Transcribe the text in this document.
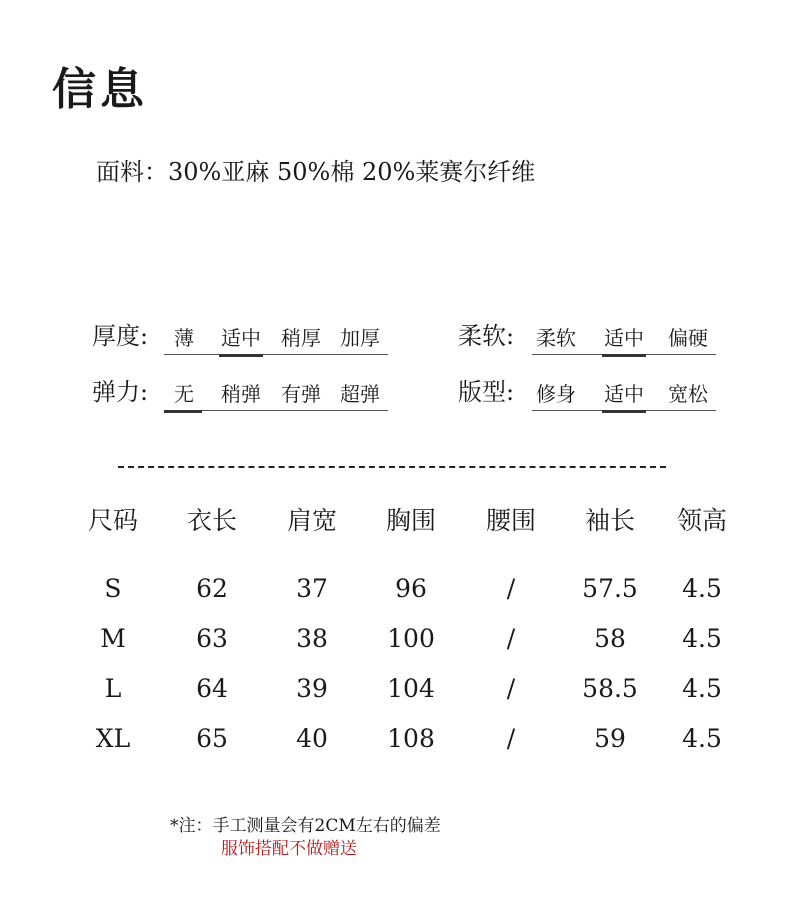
信息
面料：30%亚麻 50%棉 20%莱赛尔纤维
厚度: 薄 适中 稍厚 加厚	柔软: 柔软 适中 偏硬
弹力: 无 稍弹 有弹 超弹	版型: 修身 适中 宽松
尺码 衣长 肩宽 胸围 腰围 袖长 领高
S	62	37	96	/	57.5 4.5
M	63	38 100	/	58 4.5
L	64	39 104	/	58.5 4.5
XL	65	40 108	/	59 4.5
*注：手工测量会有2CM左右的偏差
服饰搭配不做赠送
